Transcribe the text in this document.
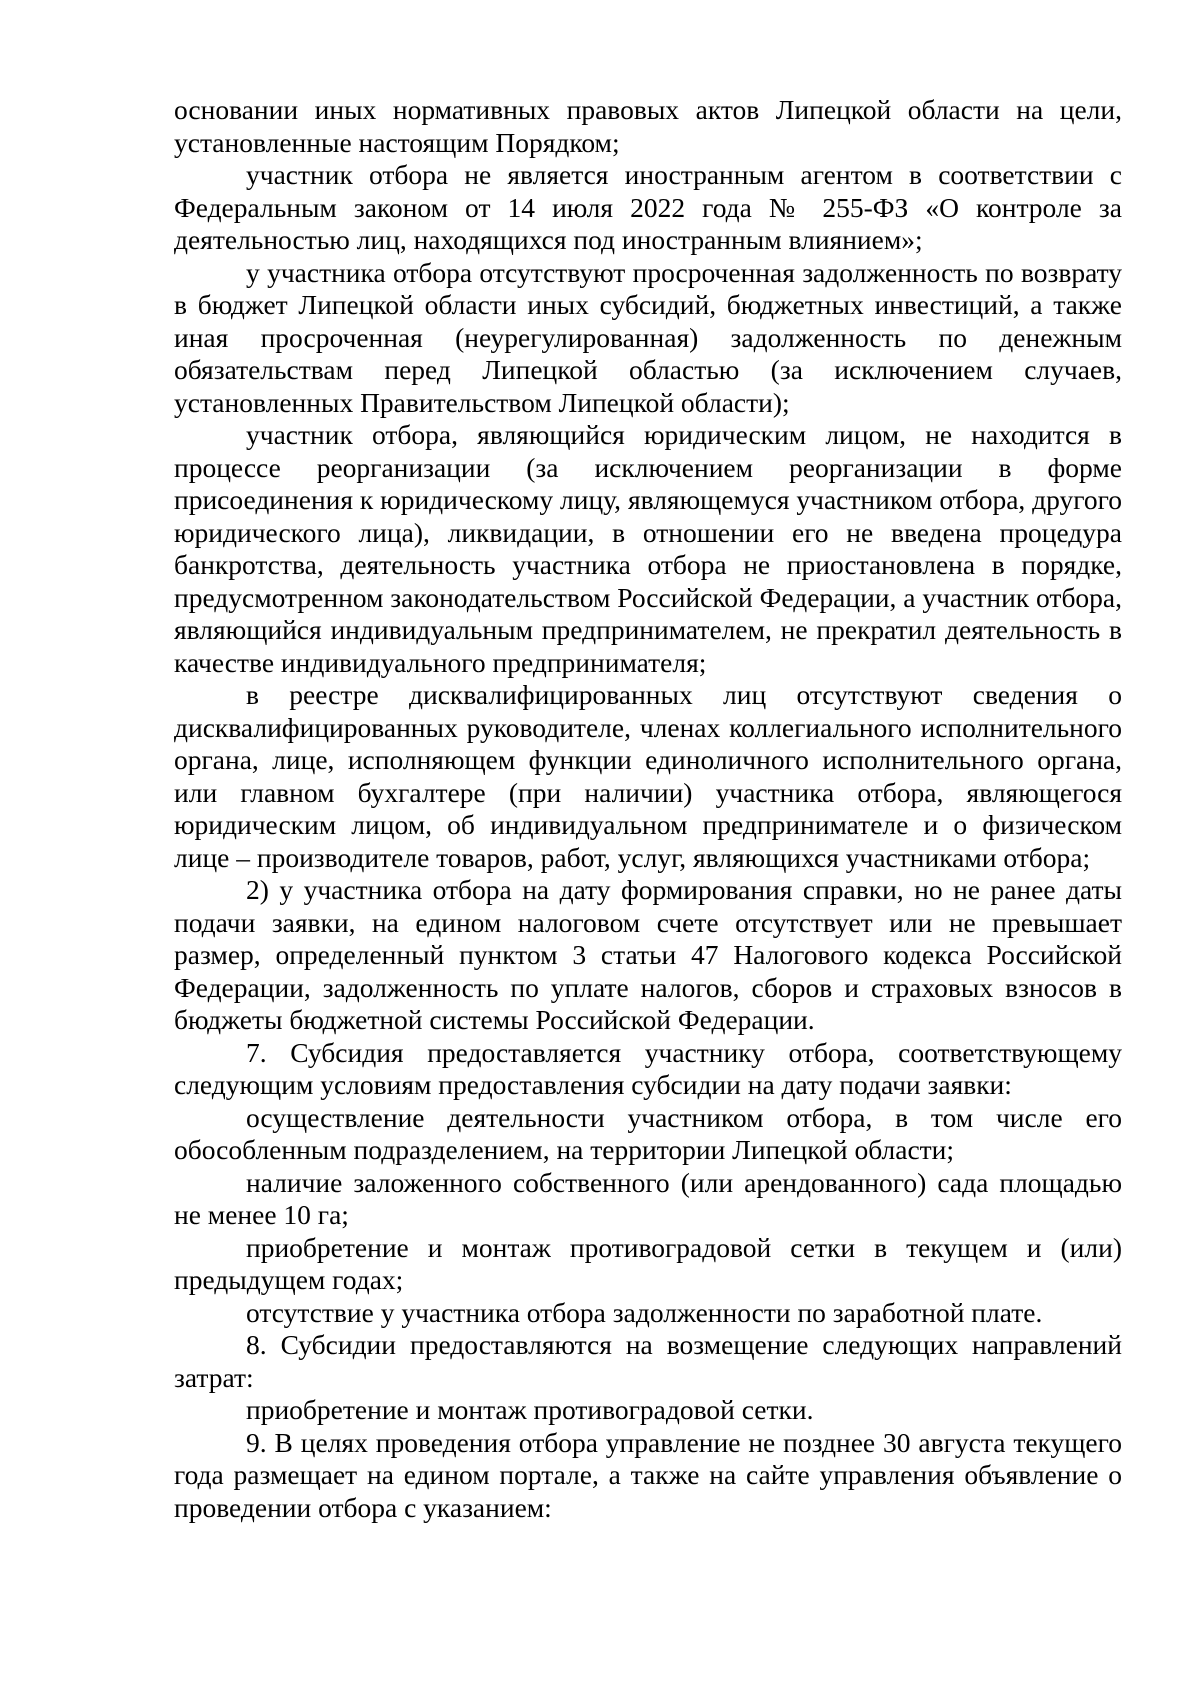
основании иных нормативных правовых актов Липецкой области на цели, установленные настоящим Порядком;

участник отбора не является иностранным агентом в соответствии с Федеральным законом от 14 июля 2022 года № 255-ФЗ «О контроле за деятельностью лиц, находящихся под иностранным влиянием»;

у участника отбора отсутствуют просроченная задолженность по возврату в бюджет Липецкой области иных субсидий, бюджетных инвестиций, а также иная просроченная (неурегулированная) задолженность по денежным обязательствам перед Липецкой областью (за исключением случаев, установленных Правительством Липецкой области);

участник отбора, являющийся юридическим лицом, не находится в процессе реорганизации (за исключением реорганизации в форме присоединения к юридическому лицу, являющемуся участником отбора, другого юридического лица), ликвидации, в отношении его не введена процедура банкротства, деятельность участника отбора не приостановлена в порядке, предусмотренном законодательством Российской Федерации, а участник отбора, являющийся индивидуальным предпринимателем, не прекратил деятельность в качестве индивидуального предпринимателя;

в реестре дисквалифицированных лиц отсутствуют сведения о дисквалифицированных руководителе, членах коллегиального исполнительного органа, лице, исполняющем функции единоличного исполнительного органа, или главном бухгалтере (при наличии) участника отбора, являющегося юридическим лицом, об индивидуальном предпринимателе и о физическом лице – производителе товаров, работ, услуг, являющихся участниками отбора;

2) у участника отбора на дату формирования справки, но не ранее даты подачи заявки, на едином налоговом счете отсутствует или не превышает размер, определенный пунктом 3 статьи 47 Налогового кодекса Российской Федерации, задолженность по уплате налогов, сборов и страховых взносов в бюджеты бюджетной системы Российской Федерации.

7. Субсидия предоставляется участнику отбора, соответствующему следующим условиям предоставления субсидии на дату подачи заявки:

осуществление деятельности участником отбора, в том числе его обособленным подразделением, на территории Липецкой области;

наличие заложенного собственного (или арендованного) сада площадью не менее 10 га;

приобретение и монтаж противоградовой сетки в текущем и (или) предыдущем годах;

отсутствие у участника отбора задолженности по заработной плате.

8. Субсидии предоставляются на возмещение следующих направлений затрат:

приобретение и монтаж противоградовой сетки.

9. В целях проведения отбора управление не позднее 30 августа текущего года размещает на едином портале, а также на сайте управления объявление о проведении отбора с указанием:
